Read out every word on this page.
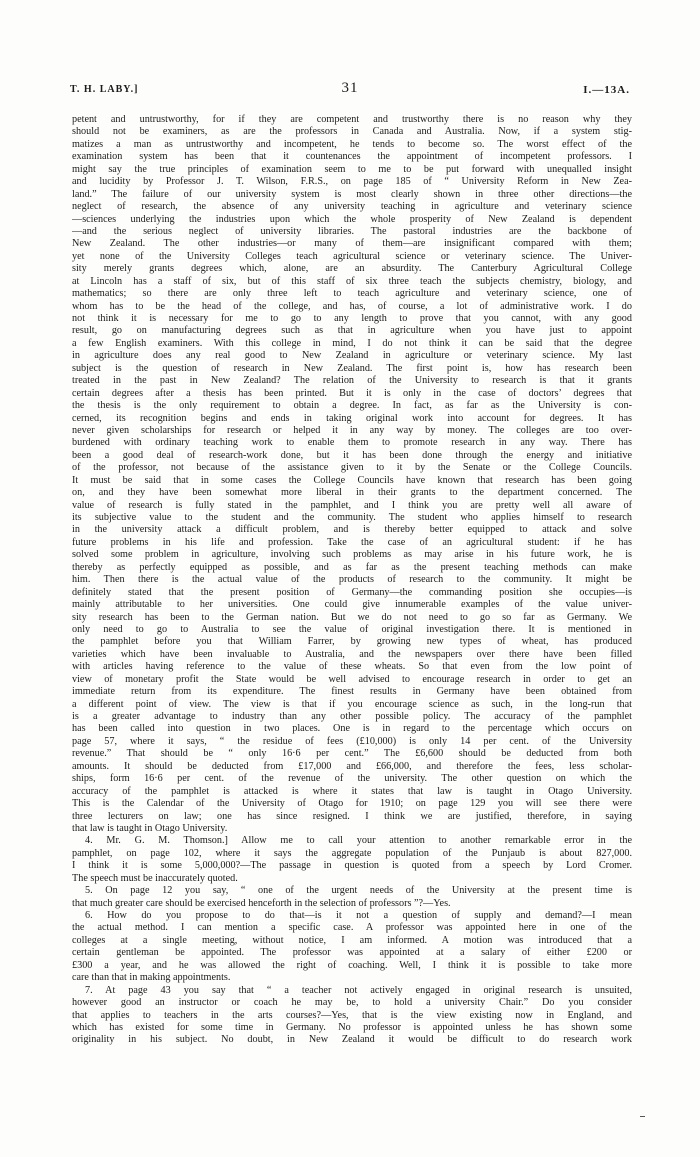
T. H. LABY.]	31	I.—13A.
petent and untrustworthy, for if they are competent and trustworthy there is no reason why they
should not be examiners, as are the professors in Canada and Australia. Now, if a system stig-
matizes a man as untrustworthy and incompetent, he tends to become so. The worst effect of the
examination system has been that it countenances the appointment of incompetent professors. I
might say the true principles of examination seem to me to be put forward with unequalled insight
and lucidity by Professor J. T. Wilson, F.R.S., on page 185 of “ University Reform in New Zea-
land.” The failure of our university system is most clearly shown in three other directions—the
neglect of research, the absence of any university teaching in agriculture and veterinary science
—sciences underlying the industries upon which the whole prosperity of New Zealand is dependent
—and the serious neglect of university libraries. The pastoral industries are the backbone of
New Zealand. The other industries—or many of them—are insignificant compared with them;
yet none of the University Colleges teach agricultural science or veterinary science. The Univer-
sity merely grants degrees which, alone, are an absurdity. The Canterbury Agricultural College
at Lincoln has a staff of six, but of this staff of six three teach the subjects chemistry, biology, and
mathematics; so there are only three left to teach agriculture and veterinary science, one of
whom has to be the head of the college, and has, of course, a lot of administrative work. I do
not think it is necessary for me to go to any length to prove that you cannot, with any good
result, go on manufacturing degrees such as that in agriculture when you have just to appoint
a few English examiners. With this college in mind, I do not think it can be said that the degree
in agriculture does any real good to New Zealand in agriculture or veterinary science. My last
subject is the question of research in New Zealand. The first point is, how has research been
treated in the past in New Zealand? The relation of the University to research is that it grants
certain degrees after a thesis has been printed. But it is only in the case of doctors’ degrees that
the thesis is the only requirement to obtain a degree. In fact, as far as the University is con-
cerned, its recognition begins and ends in taking original work into account for degrees. It has
never given scholarships for research or helped it in any way by money. The colleges are too over-
burdened with ordinary teaching work to enable them to promote research in any way. There has
been a good deal of research-work done, but it has been done through the energy and initiative
of the professor, not because of the assistance given to it by the Senate or the College Councils.
It must be said that in some cases the College Councils have known that research has been going
on, and they have been somewhat more liberal in their grants to the department concerned. The
value of research is fully stated in the pamphlet, and I think you are pretty well all aware of
its subjective value to the student and the community. The student who applies himself to research
in the university attack a difficult problem, and is thereby better equipped to attack and solve
future problems in his life and profession. Take the case of an agricultural student: if he has
solved some problem in agriculture, involving such problems as may arise in his future work, he is
thereby as perfectly equipped as possible, and as far as the present teaching methods can make
him. Then there is the actual value of the products of research to the community. It might be
definitely stated that the present position of Germany—the commanding position she occupies—is
mainly attributable to her universities. One could give innumerable examples of the value univer-
sity research has been to the German nation. But we do not need to go so far as Germany. We
only need to go to Australia to see the value of original investigation there. It is mentioned in
the pamphlet before you that William Farrer, by growing new types of wheat, has produced
varieties which have been invaluable to Australia, and the newspapers over there have been filled
with articles having reference to the value of these wheats. So that even from the low point of
view of monetary profit the State would be well advised to encourage research in order to get an
immediate return from its expenditure. The finest results in Germany have been obtained from
a different point of view. The view is that if you encourage science as such, in the long-run that
is a greater advantage to industry than any other possible policy. The accuracy of the pamphlet
has been called into question in two places. One is in regard to the percentage which occurs on
page 57, where it says, “ the residue of fees (£10,000) is only 14 per cent. of the University
revenue.” That should be “ only 16·6 per cent.” The £6,600 should be deducted from both
amounts. It should be deducted from £17,000 and £66,000, and therefore the fees, less scholar-
ships, form 16·6 per cent. of the revenue of the university. The other question on which the
accuracy of the pamphlet is attacked is where it states that law is taught in Otago University.
This is the Calendar of the University of Otago for 1910; on page 129 you will see there were
three lecturers on law; one has since resigned. I think we are justified, therefore, in saying
that law is taught in Otago University.
4. Mr. G. M. Thomson.] Allow me to call your attention to another remarkable error in the
pamphlet, on page 102, where it says the aggregate population of the Punjaub is about 827,000.
I think it is some 5,000,000?—The passage in question is quoted from a speech by Lord Cromer.
The speech must be inaccurately quoted.
5. On page 12 you say, “ one of the urgent needs of the University at the present time is
that much greater care should be exercised henceforth in the selection of professors ”?—Yes.
6. How do you propose to do that—is it not a question of supply and demand?—I mean
the actual method. I can mention a specific case. A professor was appointed here in one of the
colleges at a single meeting, without notice, I am informed. A motion was introduced that a
certain gentleman be appointed. The professor was appointed at a salary of either £200 or
£300 a year, and he was allowed the right of coaching. Well, I think it is possible to take more
care than that in making appointments.
7. At page 43 you say that “ a teacher not actively engaged in original research is unsuited,
however good an instructor or coach he may be, to hold a university Chair.” Do you consider
that applies to teachers in the arts courses?—Yes, that is the view existing now in England, and
which has existed for some time in Germany. No professor is appointed unless he has shown some
originality in his subject. No doubt, in New Zealand it would be difficult to do research work
